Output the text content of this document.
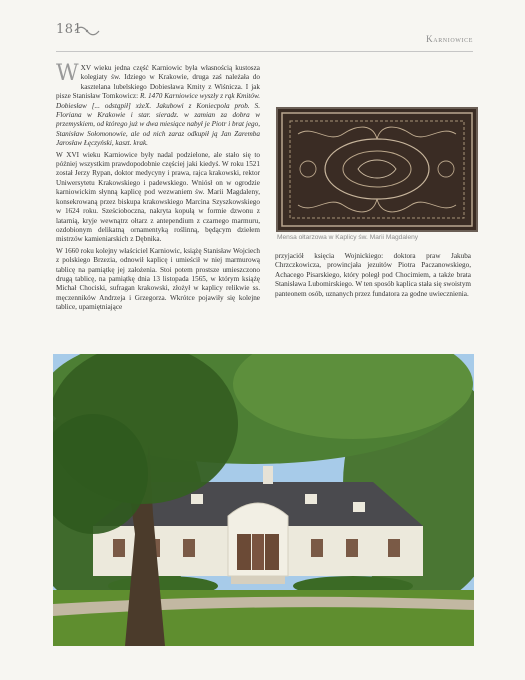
181
Karniowice

WXV wieku jedna część Karniowic była własnością kustosza kolegiaty św. Idziego w Krakowie, druga zaś należała do kasztelana lubelskiego Dobiesława Kmity z Wiśnicza. I jak pisze Stanisław Tomkowicz: R. 1470 Karniowice wyszły z rąk Kmitów. Dobiesław [... odstąpił] xżeX. Jakubowi z Koniecpola prob. S. Floriana w Krakowie i star. sieradz. w zamian za dobra w przemyskiem, od którego już w dwa miesiące nabył je Piotr i brat jego, Stanisław Sołomonowie, ale od nich zaraz odkupił ją Jan Zaremba Jarosław Łęczyński, kaszt. krak.

W XVI wieku Karniowice były nadal podzielone, ale stało się to później wszystkim prawdopodobnie częściej jaki kiedyś. W roku 1521 został Jerzy Rypan, doktor medycyny i prawa, rajca krakowski, rektor Uniwersytetu Krakowskiego i padewskiego. Wniósł on w ogrodzie karniowickim słynną kaplicę pod wezwaniem św. Marii Magdaleny, konsekrowaną przez biskupa krakowskiego Marcina Szyszkowskiego w 1624 roku. Sześcioboczna, nakryta kopułą w formie dzwonu z latarnią, kryje wewnątrz ołtarz z antependium z czarnego marmuru, ozdobionym delikatną ornamentyką roślinną, będącym dziełem mistrzów kamieniarskich z Dębnika.

W 1660 roku kolejny właściciel Karniowic, książę Stanisław Wojciech z polskiego Brzezia, odnowił kaplicę i umieścił w niej marmurową tablicę na pamiątkę jej założenia. Stoi potem prostsze umieszczono drugą tablicę, na pamiątkę dnia 13 listopada 1565, w którym książę Michał Chociski, sufragan krakowski, złożył w kaplicy relikwie ss. męczenników Andrzeja i Grzegorza. Wkrótce pojawiły się kolejne tablice, upamiętniające

Mensa ołtarzowa w Kaplicy św. Marii Magdaleny

przyjaciół księcia Wojnickiego: doktora praw Jakuba Chrzczkowicza, prowincjała jezuitów Piotra Paczanowskiego, Achacego Pisarskiego, który poległ pod Chocimiem, a także brata Stanisława Lubomirskiego. W ten sposób kaplica stała się swoistym panteonem osób, uznanych przez fundatora za godne uwiecznienia.
